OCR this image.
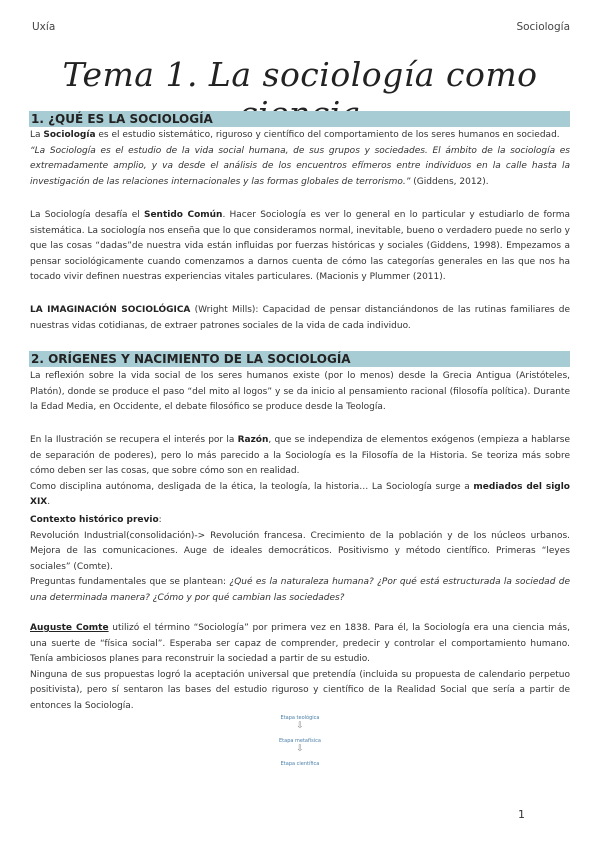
Uxía	Sociología
Tema 1. La sociología como
1. ¿QUÉ ES LA SOCIOLOGÍA

La Sociología es el estudio sistemático, riguroso y científico del comportamiento de los seres humanos en sociedad.
“La Sociología es el estudio de la vida social humana, de sus grupos y sociedades. El ámbito de la sociología es extremadamente amplio, y va desde el análisis de los encuentros efímeros entre individuos en la calle hasta la investigación de las relaciones internacionales y las formas globales de terrorismo.” (Giddens, 2012).

La Sociología desafía el Sentido Común. Hacer Sociología es ver lo general en lo particular y estudiarlo de forma sistemática. La sociología nos enseña que lo que consideramos normal, inevitable, bueno o verdadero puede no serlo y que las cosas “dadas”de nuestra vida están influidas por fuerzas históricas y sociales (Giddens, 1998). Empezamos a pensar sociológicamente cuando comenzamos a darnos cuenta de cómo las categorías generales en las que nos ha tocado vivir definen nuestras experiencias vitales particulares. (Macionis y Plummer (2011).

LA IMAGINACIÓN SOCIOLÓGICA (Wright Mills): Capacidad de pensar distanciándonos de las rutinas familiares de nuestras vidas cotidianas, de extraer patrones sociales de la vida de cada individuo.

2. ORÍGENES Y NACIMIENTO DE LA SOCIOLOGÍA

La reflexión sobre la vida social de los seres humanos existe (por lo menos) desde la Grecia Antigua (Aristóteles, Platón), donde se produce el paso “del mito al logos” y se da inicio al pensamiento racional (filosofía política). Durante la Edad Media, en Occidente, el debate filosófico se produce desde la Teología.

En la Ilustración se recupera el interés por la Razón, que se independiza de elementos exógenos (empieza a hablarse de separación de poderes), pero lo más parecido a la Sociología es la Filosofía de la Historia. Se teoriza más sobre cómo deben ser las cosas, que sobre cómo son en realidad.
Como disciplina autónoma, desligada de la ética, la teología, la historia… La Sociología surge a mediados del siglo XIX.

Contexto histórico previo:
Revolución Industrial(consolidación)-> Revolución francesa. Crecimiento de la población y de los núcleos urbanos. Mejora de las comunicaciones. Auge de ideales democráticos. Positivismo y método científico. Primeras “leyes sociales” (Comte).
Preguntas fundamentales que se plantean: ¿Qué es la naturaleza humana? ¿Por qué está estructurada la sociedad de una determinada manera? ¿Cómo y por qué cambian las sociedades?

Auguste Comte utilizó el término “Sociología” por primera vez en 1838. Para él, la Sociología era una ciencia más, una suerte de “física social”. Esperaba ser capaz de comprender, predecir y controlar el comportamiento humano. Tenía ambiciosos planes para reconstruir la sociedad a partir de su estudio.
Ninguna de sus propuestas logró la aceptación universal que pretendía (incluida su propuesta de calendario perpetuo positivista), pero sí sentaron las bases del estudio riguroso y científico de la Realidad Social que sería a partir de entonces la Sociología.

Etapa teológica
⇩
Etapa metafísica
⇩
Etapa científica
1
